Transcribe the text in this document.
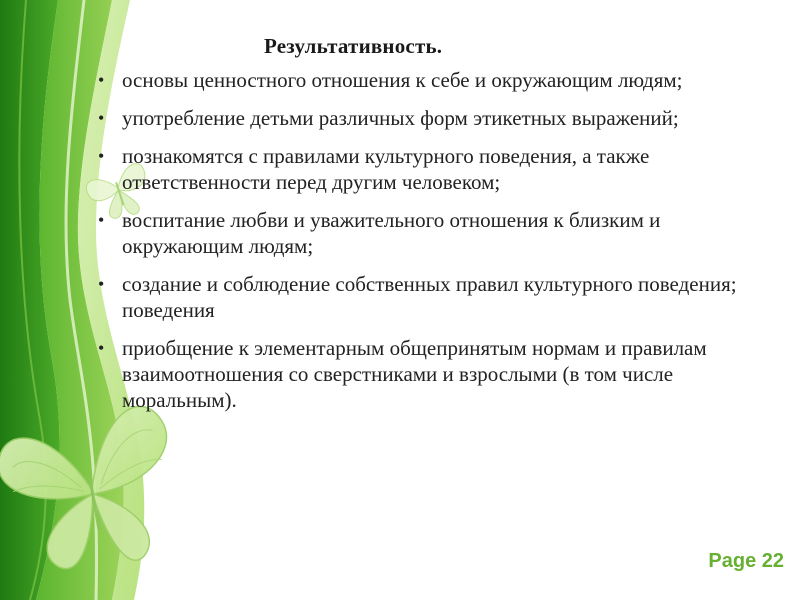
Результативность.
• основы ценностного отношения к себе и окружающим людям;
• употребление детьми различных форм этикетных выражений;
• познакомятся с правилами культурного поведения, а также ответственности перед другим человеком;
• воспитание любви и уважительного отношения к близким и окружающим людям;
• создание и соблюдение собственных правил культурного поведения; поведения
• приобщение к элементарным общепринятым нормам и правилам взаимоотношения со сверстниками и взрослыми (в том числе моральным).
Page 22
